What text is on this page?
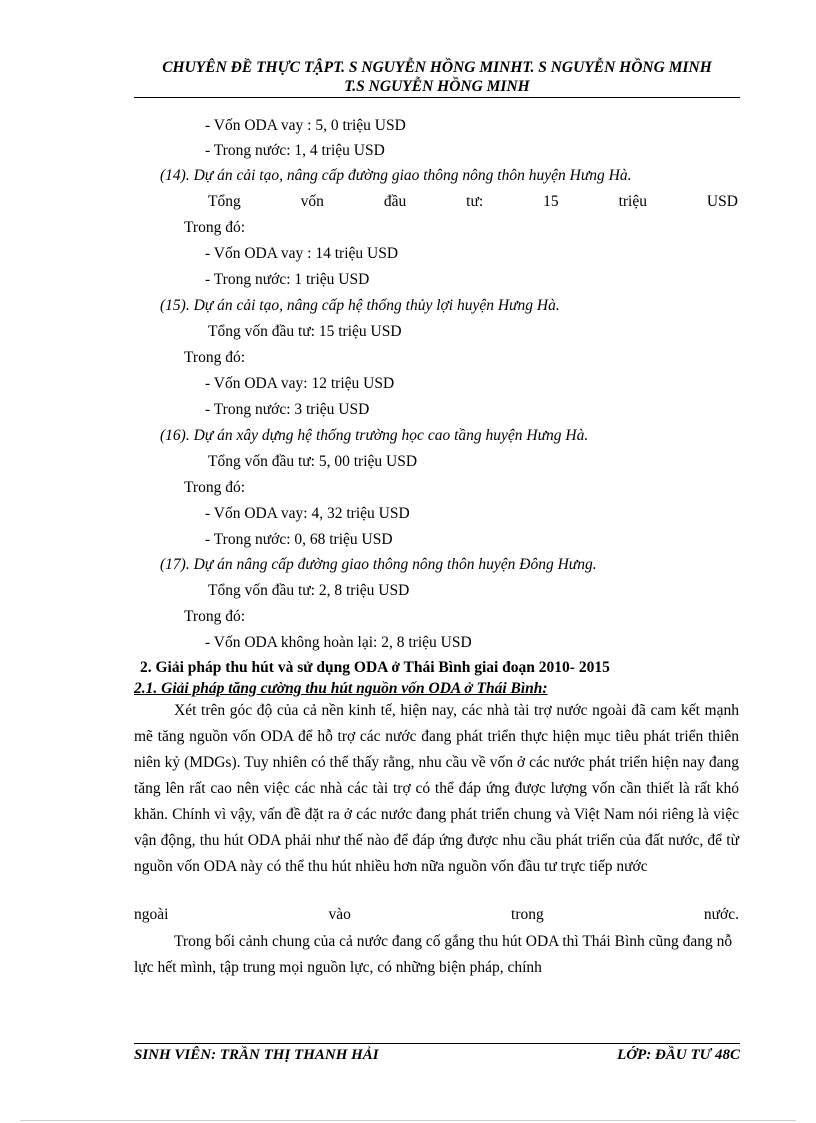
CHUYÊN ĐỀ THỰC TẬPT. S NGUYỄN HỒNG MINHT. S NGUYỄN HỒNG MINH
T.S NGUYỄN HỒNG MINH
- Vốn ODA vay : 5, 0 triệu USD
- Trong nước: 1, 4 triệu USD
(14). Dự án cải tạo, nâng cấp đường giao thông nông thôn huyện Hưng Hà.
Tổng	vốn	đầu	tư:	15	triệu	USD
Trong đó:
- Vốn ODA vay : 14 triệu USD
- Trong nước: 1 triệu USD
(15). Dự án cải tạo, nâng cấp hệ thống thủy lợi huyện Hưng Hà.
Tổng vốn đầu tư: 15 triệu USD
Trong đó:
- Vốn ODA vay: 12 triệu USD
- Trong nước: 3 triệu USD
(16). Dự án xây dựng hệ thống trường học cao tầng huyện Hưng Hà.
Tổng vốn đầu tư: 5, 00 triệu USD
Trong đó:
- Vốn ODA vay: 4, 32 triệu USD
- Trong nước: 0, 68 triệu USD
(17). Dự án nâng cấp đường giao thông nông thôn huyện Đông Hưng.
Tổng vốn đầu tư: 2, 8 triệu USD
Trong đó:
- Vốn ODA không hoàn lại: 2, 8 triệu USD
2. Giải pháp thu hút và sử dụng ODA ở Thái Bình giai đoạn 2010- 2015
2.1. Giải pháp tăng cường thu hút nguồn vốn ODA ở Thái Bình:
Xét trên góc độ của cả nền kinh tế, hiện nay, các nhà tài trợ nước ngoài đã cam kết mạnh mẽ tăng nguồn vốn ODA để hỗ trợ các nước đang phát triển thực hiện mục tiêu phát triển thiên niên kỷ (MDGs). Tuy nhiên có thể thấy rằng, nhu cầu về vốn ở các nước phát triển hiện nay đang tăng lên rất cao nên việc các nhà các tài trợ có thể đáp ứng được lượng vốn cần thiết là rất khó khăn. Chính vì vậy, vấn đề đặt ra ở các nước đang phát triển chung và Việt Nam nói riêng là việc vận động, thu hút ODA phải như thế nào để đáp ứng được nhu cầu phát triển của đất nước, để từ nguồn vốn ODA này có thể thu hút nhiều hơn nữa nguồn vốn đầu tư trực tiếp nước
ngoài	vào	trong	nước.
Trong bối cảnh chung của cả nước đang cố gắng thu hút ODA thì Thái Bình cũng đang nỗ lực hết mình, tập trung mọi nguồn lực, có những biện pháp, chính
SINH VIÊN: TRẦN THỊ THANH HẢI	LỚP: ĐẦU TƯ 48C
